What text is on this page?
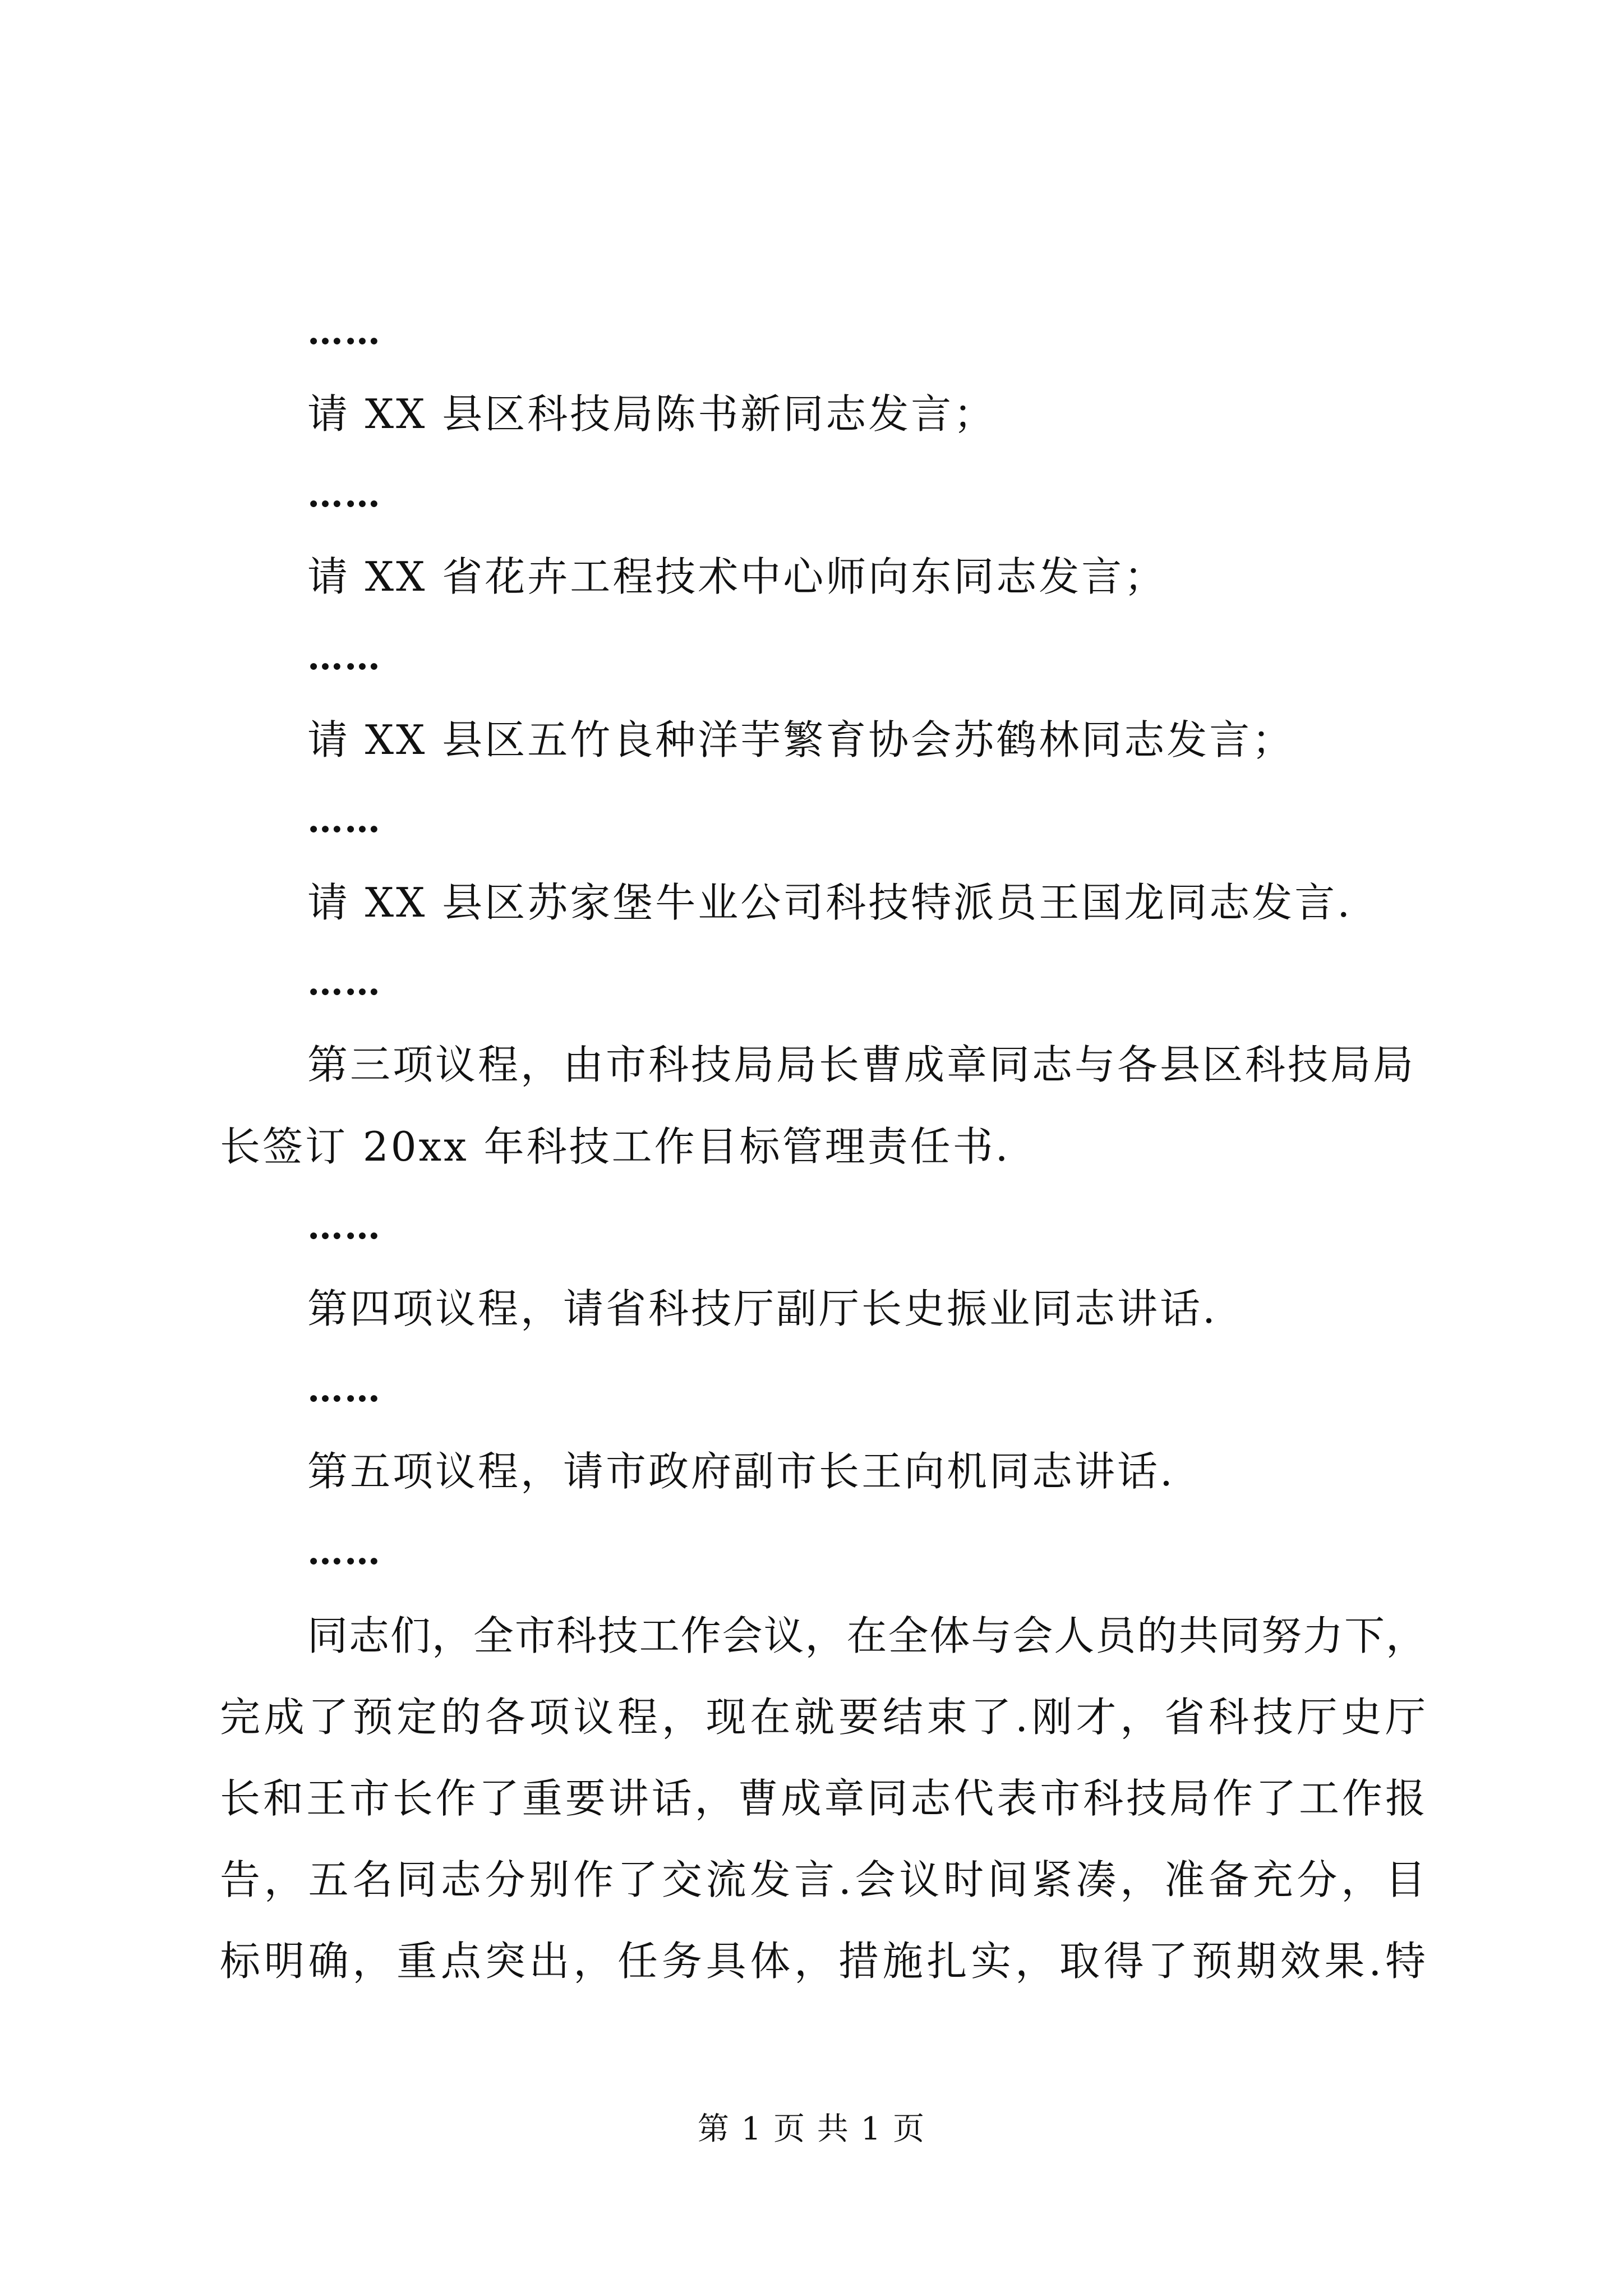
……
请 XX 县区科技局陈书新同志发言；
……
请 XX 省花卉工程技术中心师向东同志发言；
……
请 XX 县区五竹良种洋芋繁育协会苏鹤林同志发言；
……
请 XX 县区苏家堡牛业公司科技特派员王国龙同志发言.
……
第三项议程，由市科技局局长曹成章同志与各县区科技局局
长签订 20xx 年科技工作目标管理责任书.
……
第四项议程，请省科技厅副厅长史振业同志讲话.
……
第五项议程，请市政府副市长王向机同志讲话.
……
同志们，全市科技工作会议，在全体与会人员的共同努力下，
完成了预定的各项议程，现在就要结束了.刚才，省科技厅史厅
长和王市长作了重要讲话，曹成章同志代表市科技局作了工作报
告，五名同志分别作了交流发言.会议时间紧凑，准备充分，目
标明确，重点突出，任务具体，措施扎实，取得了预期效果.特
第 1 页 共 1 页
